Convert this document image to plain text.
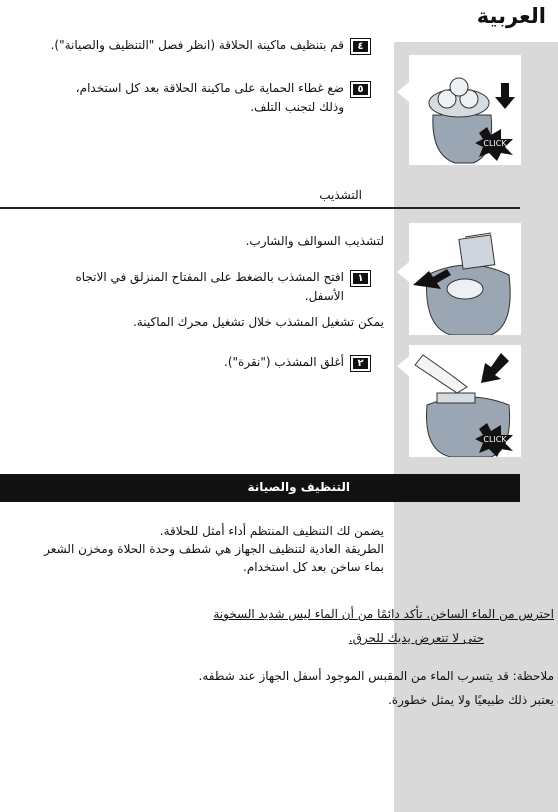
العربية
٤
قم بتنظيف ماكينة الحلاقة (انظر فصل "التنظيف والصيانة").
٥
ضع غطاء الحماية على ماكينة الحلاقة بعد كل استخدام،
وذلك لتجنب التلف.
CLICK
التشذيب

لتشذيب السوالف والشارب.

١
افتح المشذب بالضغط على المفتاح المنزلق في الاتجاه
الأسفل.

يمكن تشغيل المشذب خلال تشغيل محرك الماكينة.

٢
أغلق المشذب ("نقرة").
CLICK
التنظيف والصيانة

يضمن لك التنظيف المنتظم أداء أمثل للحلاقة.

الطريقة العادية لتنظيف الجهاز هي شطف وحدة الحلاة ومخزن الشعر

بماء ساخن بعد كل استخدام.

احترس من الماء الساخن. تأكد دائمًا من أن الماء ليس شديد السخونة

حتى لا تتعرض يديك للحرق.

ملاحظة: قد يتسرب الماء من المقبس الموجود أسفل الجهاز عند شطفه.

يعتبر ذلك طبيعيًا ولا يمثل خطورة.
